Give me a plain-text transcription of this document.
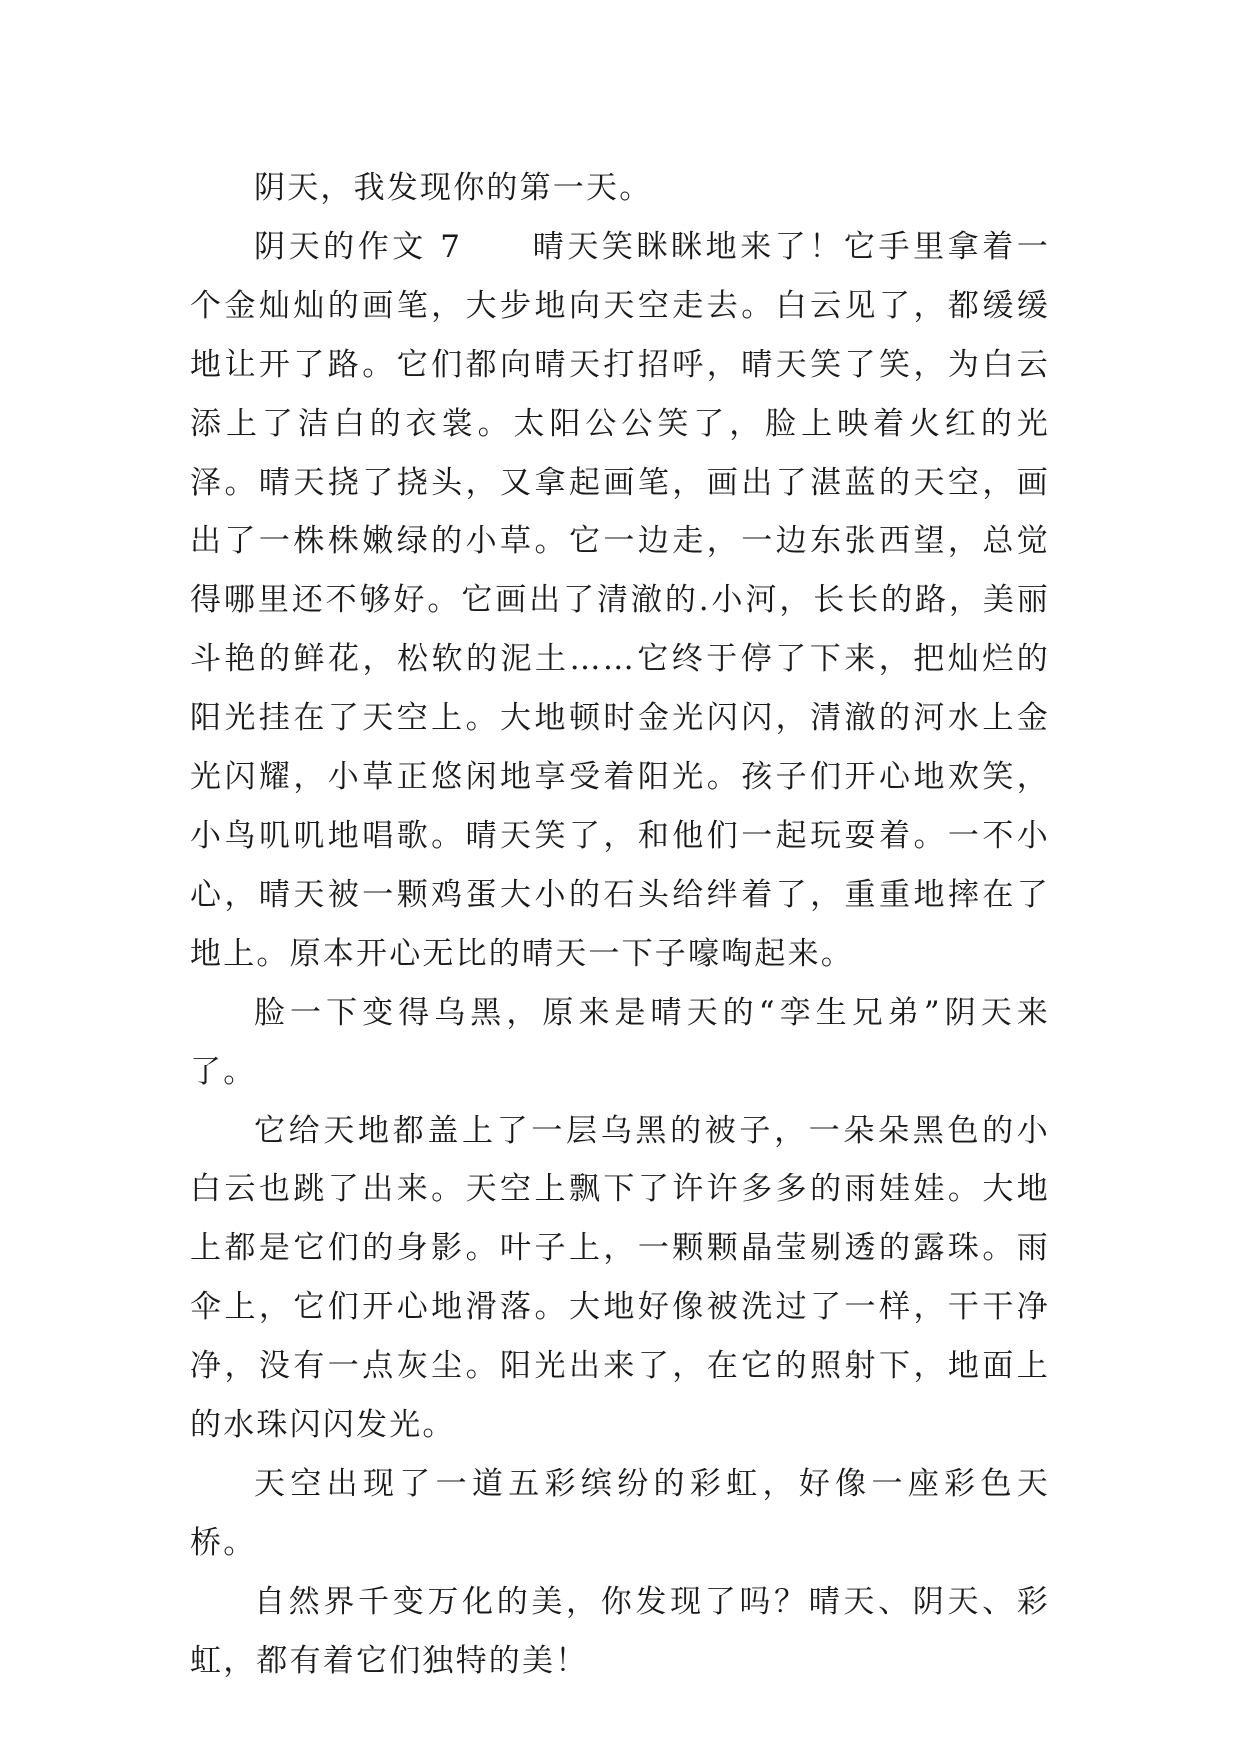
阴天，我发现你的第一天。

阴天的作文 7　　晴天笑眯眯地来了！它手里拿着一个金灿灿的画笔，大步地向天空走去。白云见了，都缓缓地让开了路。它们都向晴天打招呼，晴天笑了笑，为白云添上了洁白的衣裳。太阳公公笑了，脸上映着火红的光泽。晴天挠了挠头，又拿起画笔，画出了湛蓝的天空，画出了一株株嫩绿的小草。它一边走，一边东张西望，总觉得哪里还不够好。它画出了清澈的.小河，长长的路，美丽斗艳的鲜花，松软的泥土……它终于停了下来，把灿烂的阳光挂在了天空上。大地顿时金光闪闪，清澈的河水上金光闪耀，小草正悠闲地享受着阳光。孩子们开心地欢笑，小鸟叽叽地唱歌。晴天笑了，和他们一起玩耍着。一不小心，晴天被一颗鸡蛋大小的石头给绊着了，重重地摔在了地上。原本开心无比的晴天一下子嚎啕起来。

脸一下变得乌黑，原来是晴天的“孪生兄弟”阴天来了。

它给天地都盖上了一层乌黑的被子，一朵朵黑色的小白云也跳了出来。天空上飘下了许许多多的雨娃娃。大地上都是它们的身影。叶子上，一颗颗晶莹剔透的露珠。雨伞上，它们开心地滑落。大地好像被洗过了一样，干干净净，没有一点灰尘。阳光出来了，在它的照射下，地面上的水珠闪闪发光。

天空出现了一道五彩缤纷的彩虹，好像一座彩色天桥。

自然界千变万化的美，你发现了吗？晴天、阴天、彩虹，都有着它们独特的美！
